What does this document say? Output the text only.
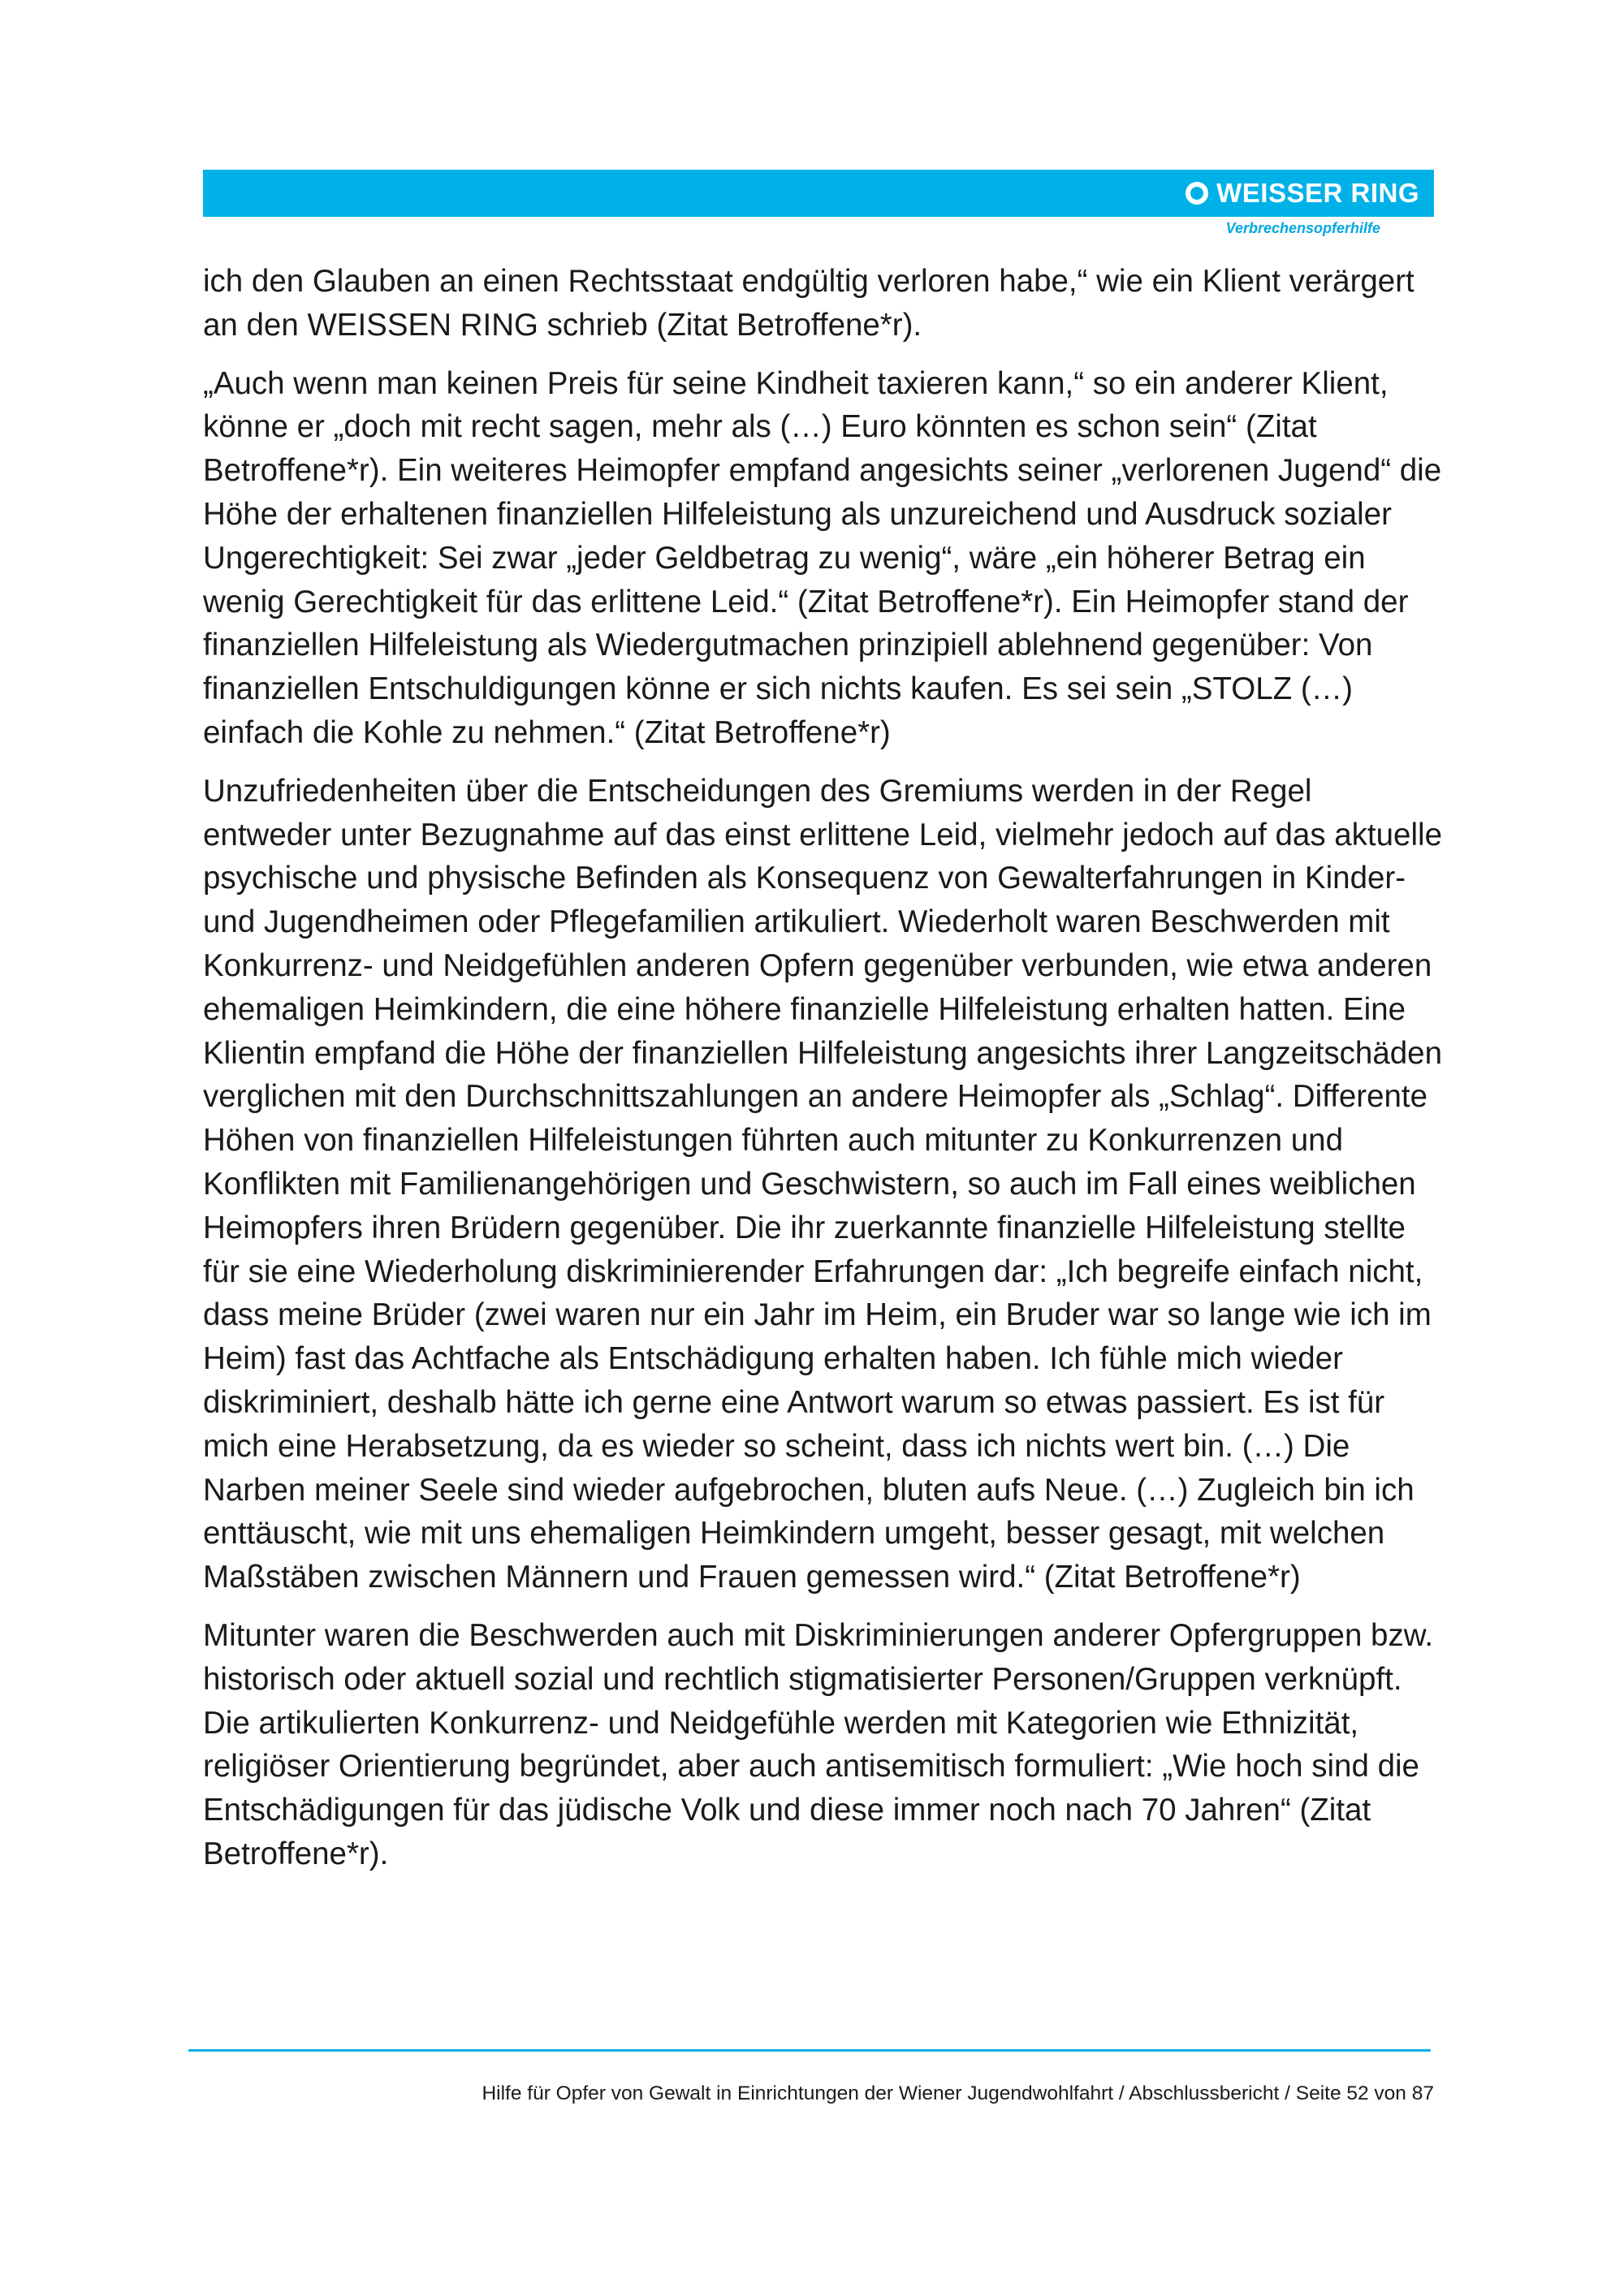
WEISSER RING
Verbrechensopferhilfe

ich den Glauben an einen Rechtsstaat endgültig verloren habe,“ wie ein Klient verärgert an den WEISSEN RING schrieb (Zitat Betroffene*r).

„Auch wenn man keinen Preis für seine Kindheit taxieren kann,“ so ein anderer Klient, könne er „doch mit recht sagen, mehr als (…) Euro könnten es schon sein“ (Zitat Betroffene*r). Ein weiteres Heimopfer empfand angesichts seiner „verlorenen Jugend“ die Höhe der erhaltenen finanziellen Hilfeleistung als unzureichend und Ausdruck sozialer Ungerechtigkeit: Sei zwar „jeder Geldbetrag zu wenig“, wäre „ein höherer Betrag ein wenig Gerechtigkeit für das erlittene Leid.“ (Zitat Betroffene*r). Ein Heimopfer stand der finanziellen Hilfeleistung als Wiedergutmachen prinzipiell ablehnend gegenüber: Von finanziellen Entschuldigungen könne er sich nichts kaufen. Es sei sein „STOLZ (…) einfach die Kohle zu nehmen.“ (Zitat Betroffene*r)

Unzufriedenheiten über die Entscheidungen des Gremiums werden in der Regel entweder unter Bezugnahme auf das einst erlittene Leid, vielmehr jedoch auf das aktuelle psychische und physische Befinden als Konsequenz von Gewalterfahrungen in Kinder- und Jugendheimen oder Pflegefamilien artikuliert. Wiederholt waren Beschwerden mit Konkurrenz- und Neidgefühlen anderen Opfern gegenüber verbunden, wie etwa anderen ehemaligen Heimkindern, die eine höhere finanzielle Hilfeleistung erhalten hatten. Eine Klientin empfand die Höhe der finanziellen Hilfeleistung angesichts ihrer Langzeitschäden verglichen mit den Durchschnittszahlungen an andere Heimopfer als „Schlag“. Differente Höhen von finanziellen Hilfeleistungen führten auch mitunter zu Konkurrenzen und Konflikten mit Familienangehörigen und Geschwistern, so auch im Fall eines weiblichen Heimopfers ihren Brüdern gegenüber. Die ihr zuerkannte finanzielle Hilfeleistung stellte für sie eine Wiederholung diskriminierender Erfahrungen dar: „Ich begreife einfach nicht, dass meine Brüder (zwei waren nur ein Jahr im Heim, ein Bruder war so lange wie ich im Heim) fast das Achtfache als Entschädigung erhalten haben. Ich fühle mich wieder diskriminiert, deshalb hätte ich gerne eine Antwort warum so etwas passiert. Es ist für mich eine Herabsetzung, da es wieder so scheint, dass ich nichts wert bin. (…) Die Narben meiner Seele sind wieder aufgebrochen, bluten aufs Neue. (…) Zugleich bin ich enttäuscht, wie mit uns ehemaligen Heimkindern umgeht, besser gesagt, mit welchen Maßstäben zwischen Männern und Frauen gemessen wird.“ (Zitat Betroffene*r)

Mitunter waren die Beschwerden auch mit Diskriminierungen anderer Opfergruppen bzw. historisch oder aktuell sozial und rechtlich stigmatisierter Personen/Gruppen verknüpft. Die artikulierten Konkurrenz- und Neidgefühle werden mit Kategorien wie Ethnizität, religiöser Orientierung begründet, aber auch antisemitisch formuliert: „Wie hoch sind die Entschädigungen für das jüdische Volk und diese immer noch nach 70 Jahren“ (Zitat Betroffene*r).

Hilfe für Opfer von Gewalt in Einrichtungen der Wiener Jugendwohlfahrt / Abschlussbericht / Seite 52 von 87
